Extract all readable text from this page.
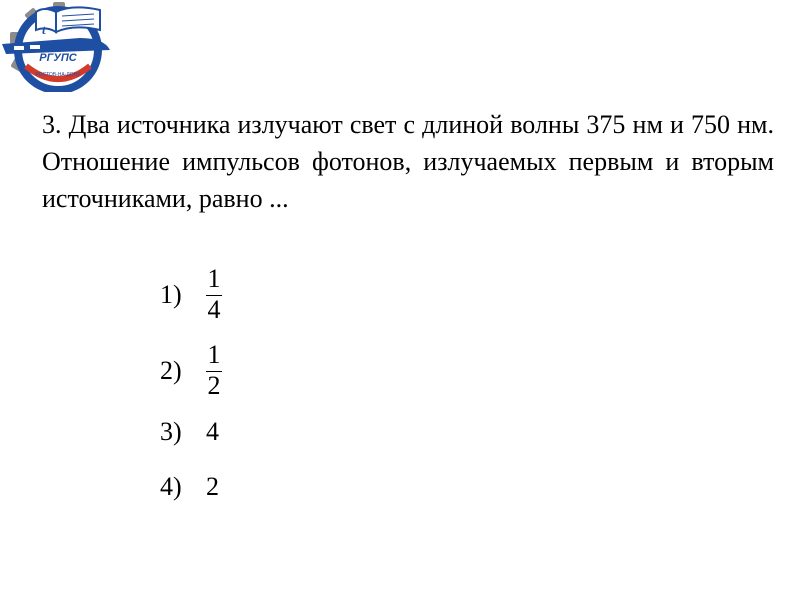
t
РГУПС
РОСТОВ-НА-ДОНУ
3. Два источника излучают свет с длиной волны 375 нм и 750 нм. Отношение импульсов фотонов, излучаемых первым и вторым источниками, равно ...
$1) \frac{1}{4}$
$2) \frac{1}{2}$
3) 4
4) 2
